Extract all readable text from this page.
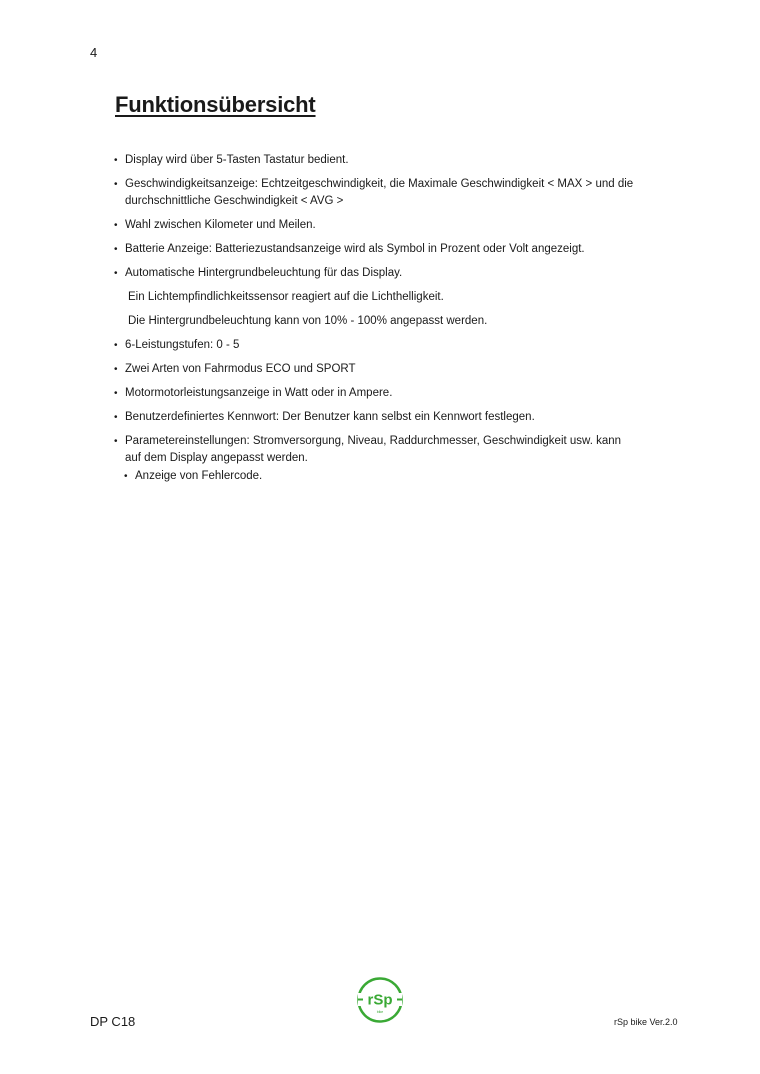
4
Funktionsübersicht
• Display wird über 5-Tasten Tastatur bedient.
• Geschwindigkeitsanzeige: Echtzeitgeschwindigkeit, die Maximale Geschwindigkeit < MAX > und die
durchschnittliche Geschwindigkeit < AVG >
• Wahl zwischen Kilometer und Meilen.
• Batterie Anzeige: Batteriezustandsanzeige wird als Symbol in Prozent oder Volt angezeigt.
• Automatische Hintergrundbeleuchtung für das Display.
Ein Lichtempfindlichkeitssensor reagiert auf die Lichthelligkeit.
Die Hintergrundbeleuchtung kann von 10% - 100% angepasst werden.
• 6-Leistungstufen: 0 - 5
• Zwei Arten von Fahrmodus ECO und SPORT
• Motormotorleistungsanzeige in Watt oder in Ampere.
• Benutzerdefiniertes Kennwort: Der Benutzer kann selbst ein Kennwort festlegen.
• Parametereinstellungen: Stromversorgung, Niveau, Raddurchmesser, Geschwindigkeit usw. kann
auf dem Display angepasst werden.
• Anzeige von Fehlercode.
rSp
bike
DP C18	rSp bike Ver.2.0
